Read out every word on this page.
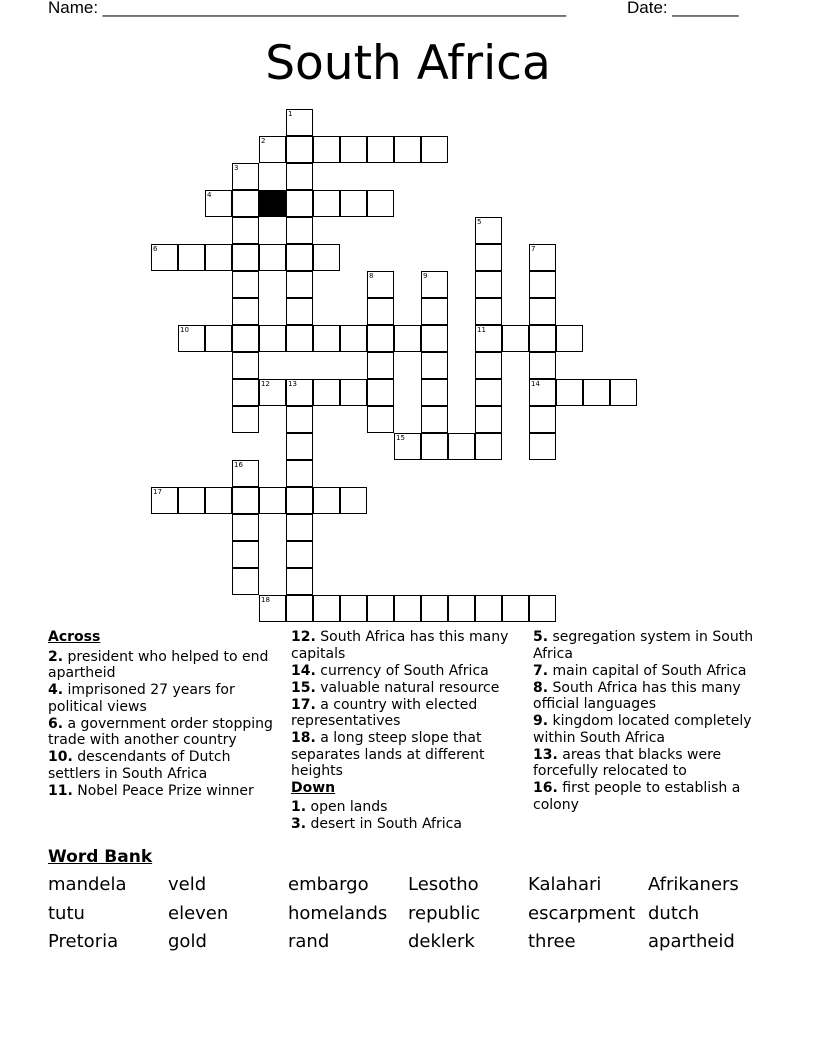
Name: _________________________________________________	Date: _______
South Africa
1
2
3
4
5
11
6	7
14
8	9
10
12	13
15
16
17
18
Across
2. president who helped to end apartheid
4. imprisoned 27 years for political views
6. a government order stopping trade with another country
10. descendants of Dutch settlers in South Africa
11. Nobel Peace Prize winner
12. South Africa has this many capitals
14. currency of South Africa
15. valuable natural resource
17. a country with elected representatives
18. a long steep slope that separates lands at different heights
Down
1. open lands
3. desert in South Africa
5. segregation system in South Africa
7. main capital of South Africa
8. South Africa has this many official languages
9. kingdom located completely within South Africa
13. areas that blacks were forcefully relocated to
16. first people to establish a colony
Word Bank
mandela veld	embargo Lesotho	Kalahari	Afrikaners
tutu	eleven	homelands republic	escarpment dutch
Pretoria	gold	rand	deklerk	three	apartheid
